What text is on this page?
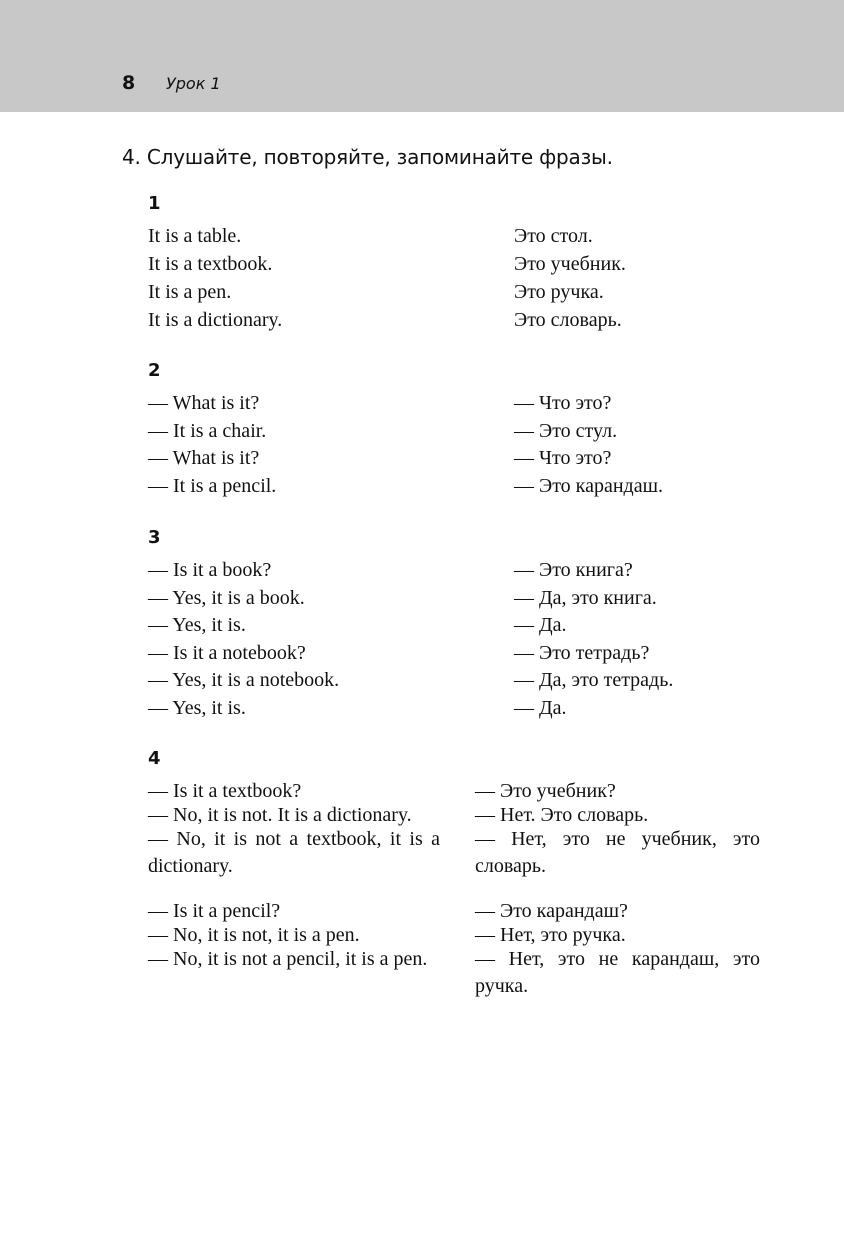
8 Урок 1
4. Слушайте, повторяйте, запоминайте фразы.
1
It is a table.
It is a textbook.
It is a pen.
It is a dictionary.
Это стол.
Это учебник.
Это ручка.
Это словарь.
2
— What is it?
— It is a chair.
— What is it?
— It is a pencil.
— Что это?
— Это стул.
— Что это?
— Это карандаш.
3
— Is it a book?
— Yes, it is a book.
— Yes, it is.
— Is it a notebook?
— Yes, it is a notebook.
— Yes, it is.
— Это книга?
— Да, это книга.
— Да.
— Это тетрадь?
— Да, это тетрадь.
— Да.
4
— Is it a textbook?
— No, it is not. It is a dictionary.
— No, it is not a textbook, it is a dictionary.
— Это учебник?
— Нет. Это словарь.
— Нет, это не учебник, это словарь.
— Is it a pencil?
— No, it is not, it is a pen.
— No, it is not a pencil, it is a pen.
— Это карандаш?
— Нет, это ручка.
— Нет, это не карандаш, это ручка.
